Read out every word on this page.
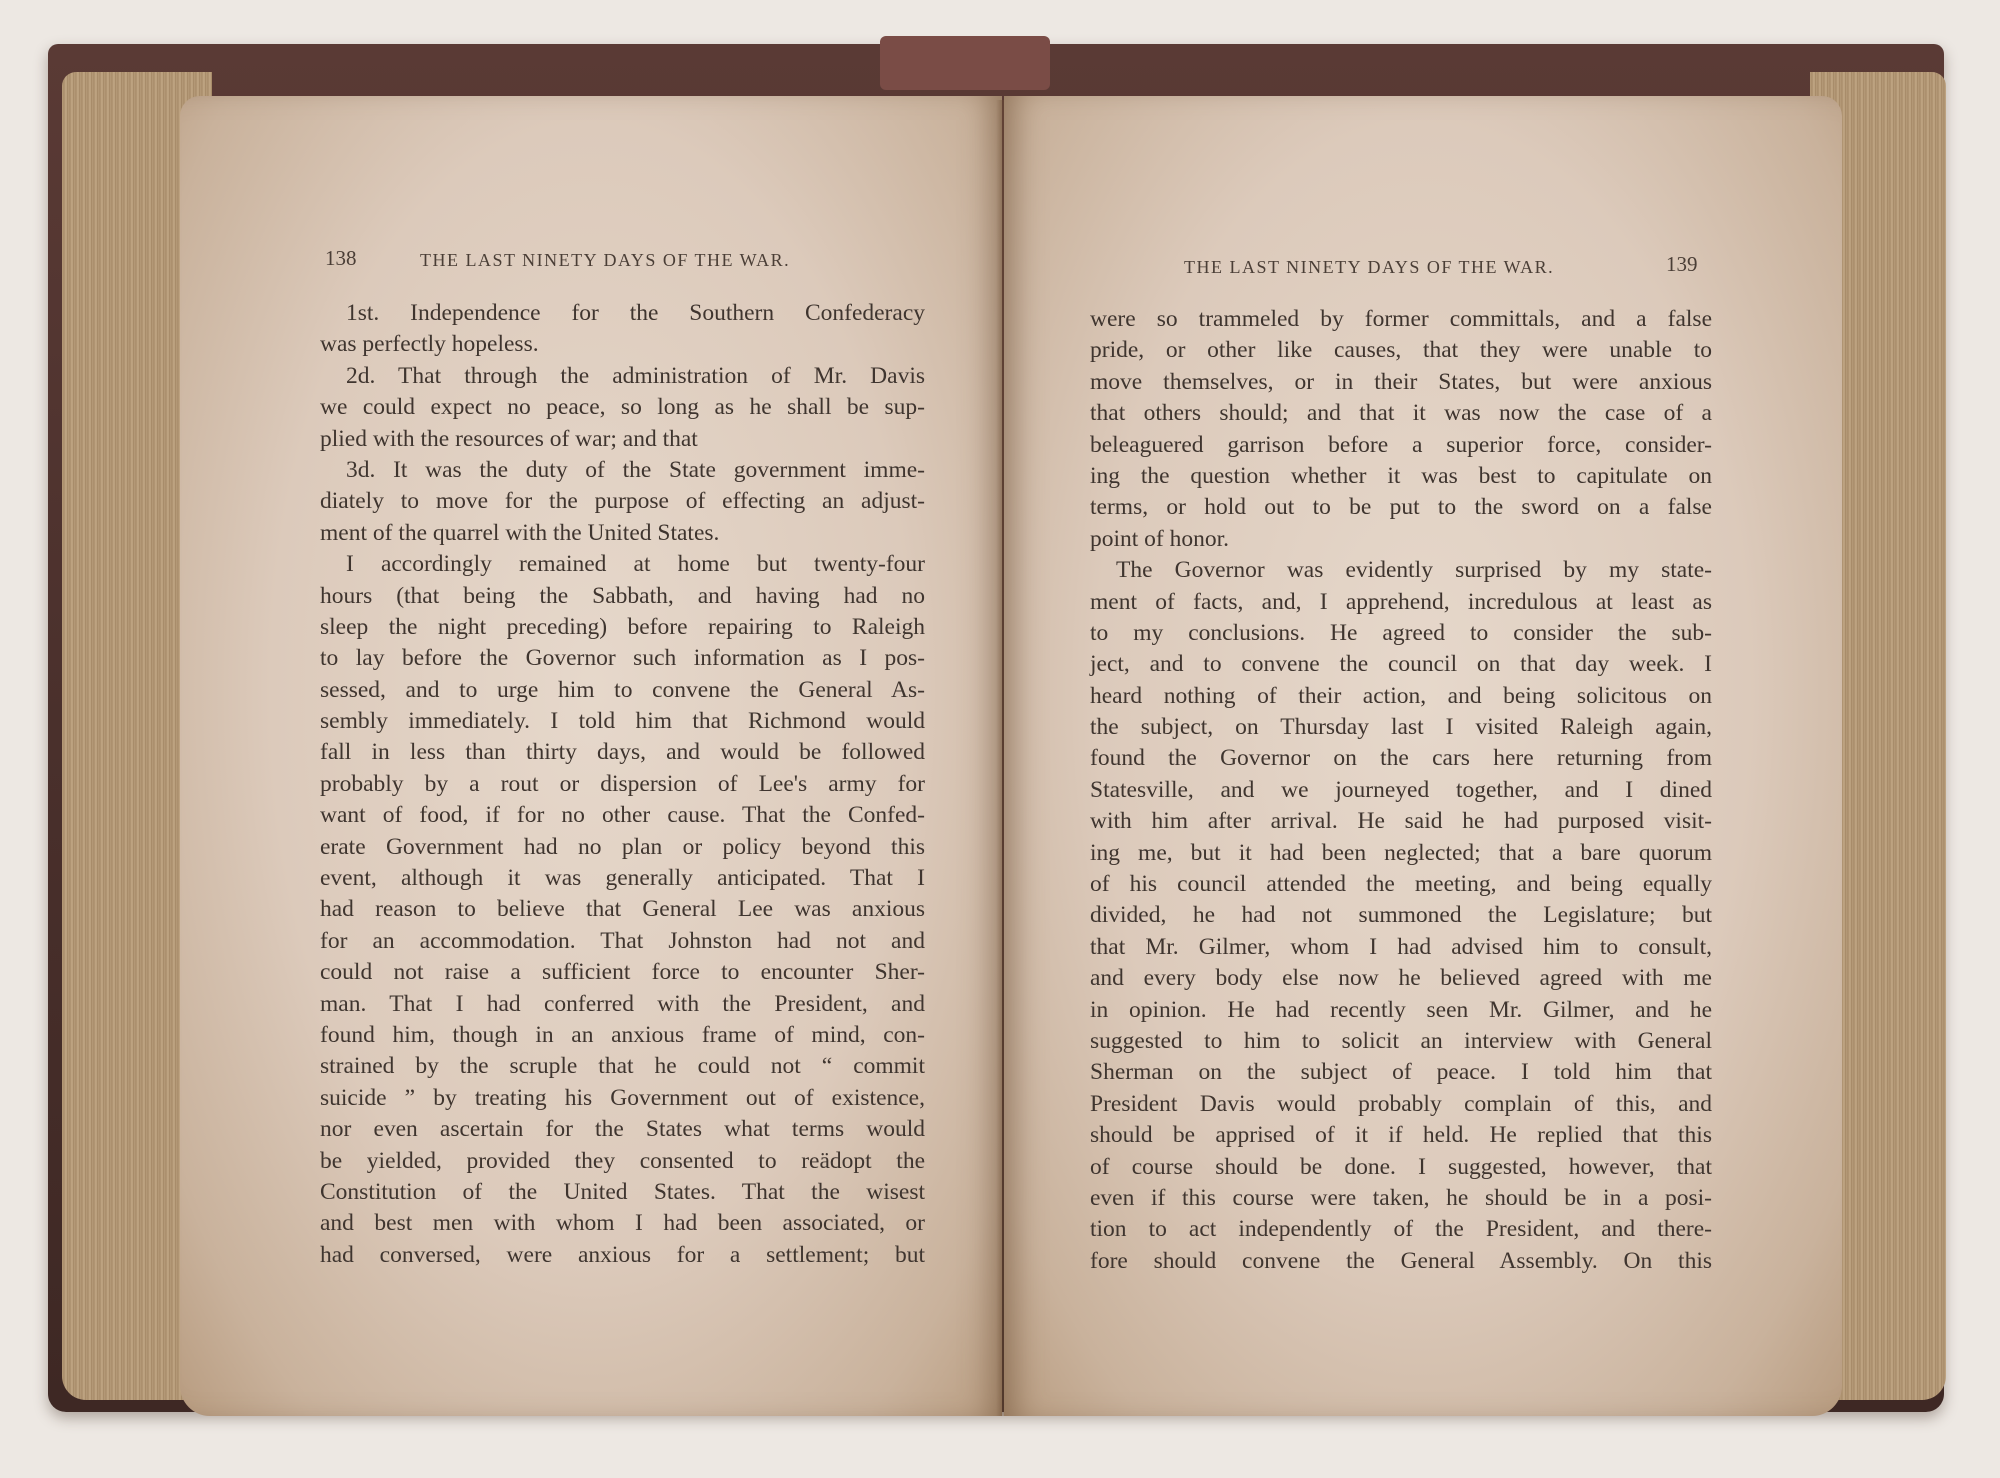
138	THE LAST NINETY DAYS OF THE WAR.
1st. Independence for the Southern Confederacy
was perfectly hopeless.
2d. That through the administration of Mr. Davis
we could expect no peace, so long as he shall be sup-
plied with the resources of war; and that
3d. It was the duty of the State government imme-
diately to move for the purpose of effecting an adjust-
ment of the quarrel with the United States.
I accordingly remained at home but twenty-four
hours (that being the Sabbath, and having had no
sleep the night preceding) before repairing to Raleigh
to lay before the Governor such information as I pos-
sessed, and to urge him to convene the General As-
sembly immediately. I told him that Richmond would
fall in less than thirty days, and would be followed
probably by a rout or dispersion of Lee's army for
want of food, if for no other cause. That the Confed-
erate Government had no plan or policy beyond this
event, although it was generally anticipated. That I
had reason to believe that General Lee was anxious
for an accommodation. That Johnston had not and
could not raise a sufficient force to encounter Sher-
man. That I had conferred with the President, and
found him, though in an anxious frame of mind, con-
strained by the scruple that he could not “ commit
suicide ” by treating his Government out of existence,
nor even ascertain for the States what terms would
be yielded, provided they consented to reädopt the
Constitution of the United States. That the wisest
and best men with whom I had been associated, or
had conversed, were anxious for a settlement; but
THE LAST NINETY DAYS OF THE WAR.	139
were so trammeled by former committals, and a false
pride, or other like causes, that they were unable to
move themselves, or in their States, but were anxious
that others should; and that it was now the case of a
beleaguered garrison before a superior force, consider-
ing the question whether it was best to capitulate on
terms, or hold out to be put to the sword on a false
point of honor.
The Governor was evidently surprised by my state-
ment of facts, and, I apprehend, incredulous at least as
to my conclusions. He agreed to consider the sub-
ject, and to convene the council on that day week. I
heard nothing of their action, and being solicitous on
the subject, on Thursday last I visited Raleigh again,
found the Governor on the cars here returning from
Statesville, and we journeyed together, and I dined
with him after arrival. He said he had purposed visit-
ing me, but it had been neglected; that a bare quorum
of his council attended the meeting, and being equally
divided, he had not summoned the Legislature; but
that Mr. Gilmer, whom I had advised him to consult,
and every body else now he believed agreed with me
in opinion. He had recently seen Mr. Gilmer, and he
suggested to him to solicit an interview with General
Sherman on the subject of peace. I told him that
President Davis would probably complain of this, and
should be apprised of it if held. He replied that this
of course should be done. I suggested, however, that
even if this course were taken, he should be in a posi-
tion to act independently of the President, and there-
fore should convene the General Assembly. On this
